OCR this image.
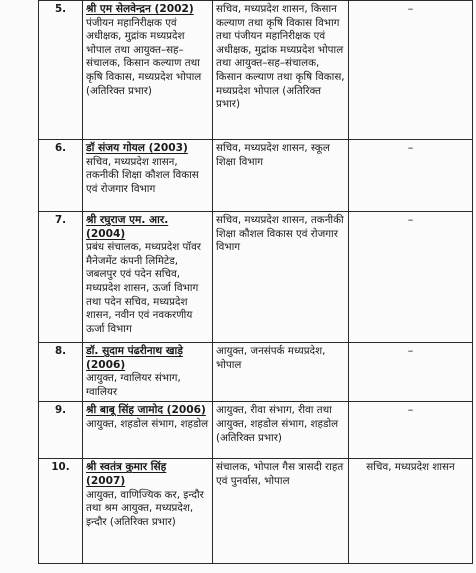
5.	श्री एम सेलवेन्द्रन (2002)
पंजीयन महानिरीक्षक एवं अधीक्षक, मुद्रांक मध्यप्रदेश भोपाल तथा आयुक्त–सह–संचालक, किसान कल्याण तथा कृषि विकास, मध्यप्रदेश भोपाल (अतिरिक्त प्रभार)	सचिव, मध्यप्रदेश शासन, किसान कल्याण तथा कृषि विकास विभाग तथा पंजीयन महानिरीक्षक एवं अधीक्षक, मुद्रांक मध्यप्रदेश भोपाल तथा आयुक्त–सह–संचालक, किसान कल्याण तथा कृषि विकास, मध्यप्रदेश भोपाल (अतिरिक्त प्रभार)	–

6.	डॉ संजय गोयल (2003)
सचिव, मध्यप्रदेश शासन, तकनीकी शिक्षा कौशल विकास एवं रोजगार विभाग	सचिव, मध्यप्रदेश शासन, स्कूल शिक्षा विभाग	–

7.	श्री रघुराज एम. आर. (2004)
प्रबंध संचालक, मध्यप्रदेश पॉवर मैनेजमेंट कंपनी लिमिटेड, जबलपुर एवं पदेन सचिव, मध्यप्रदेश शासन, ऊर्जा विभाग तथा पदेन सचिव, मध्यप्रदेश शासन, नवीन एवं नवकरणीय ऊर्जा विभाग	सचिव, मध्यप्रदेश शासन, तकनीकी शिक्षा कौशल विकास एवं रोजगार विभाग	–

8.	डॉ. सुदाम पंढरीनाथ खाड़े (2006)
आयुक्त, ग्वालियर संभाग, ग्वालियर	आयुक्त, जनसंपर्क मध्यप्रदेश, भोपाल	–

9.	श्री बाबू सिंह जामोद (2006)
आयुक्त, शहडोल संभाग, शहडोल	आयुक्त, रीवा संभाग, रीवा तथा आयुक्त, शहडोल संभाग, शहडोल (अतिरिक्त प्रभार)	–

10.	श्री स्वतंत्र कुमार सिंह (2007)
आयुक्त, वाणिज्यिक कर, इन्दौर तथा श्रम आयुक्त, मध्यप्रदेश, इन्दौर (अतिरिक्त प्रभार)	संचालक, भोपाल गैस त्रासदी राहत एवं पुनर्वास, भोपाल	सचिव, मध्यप्रदेश शासन
